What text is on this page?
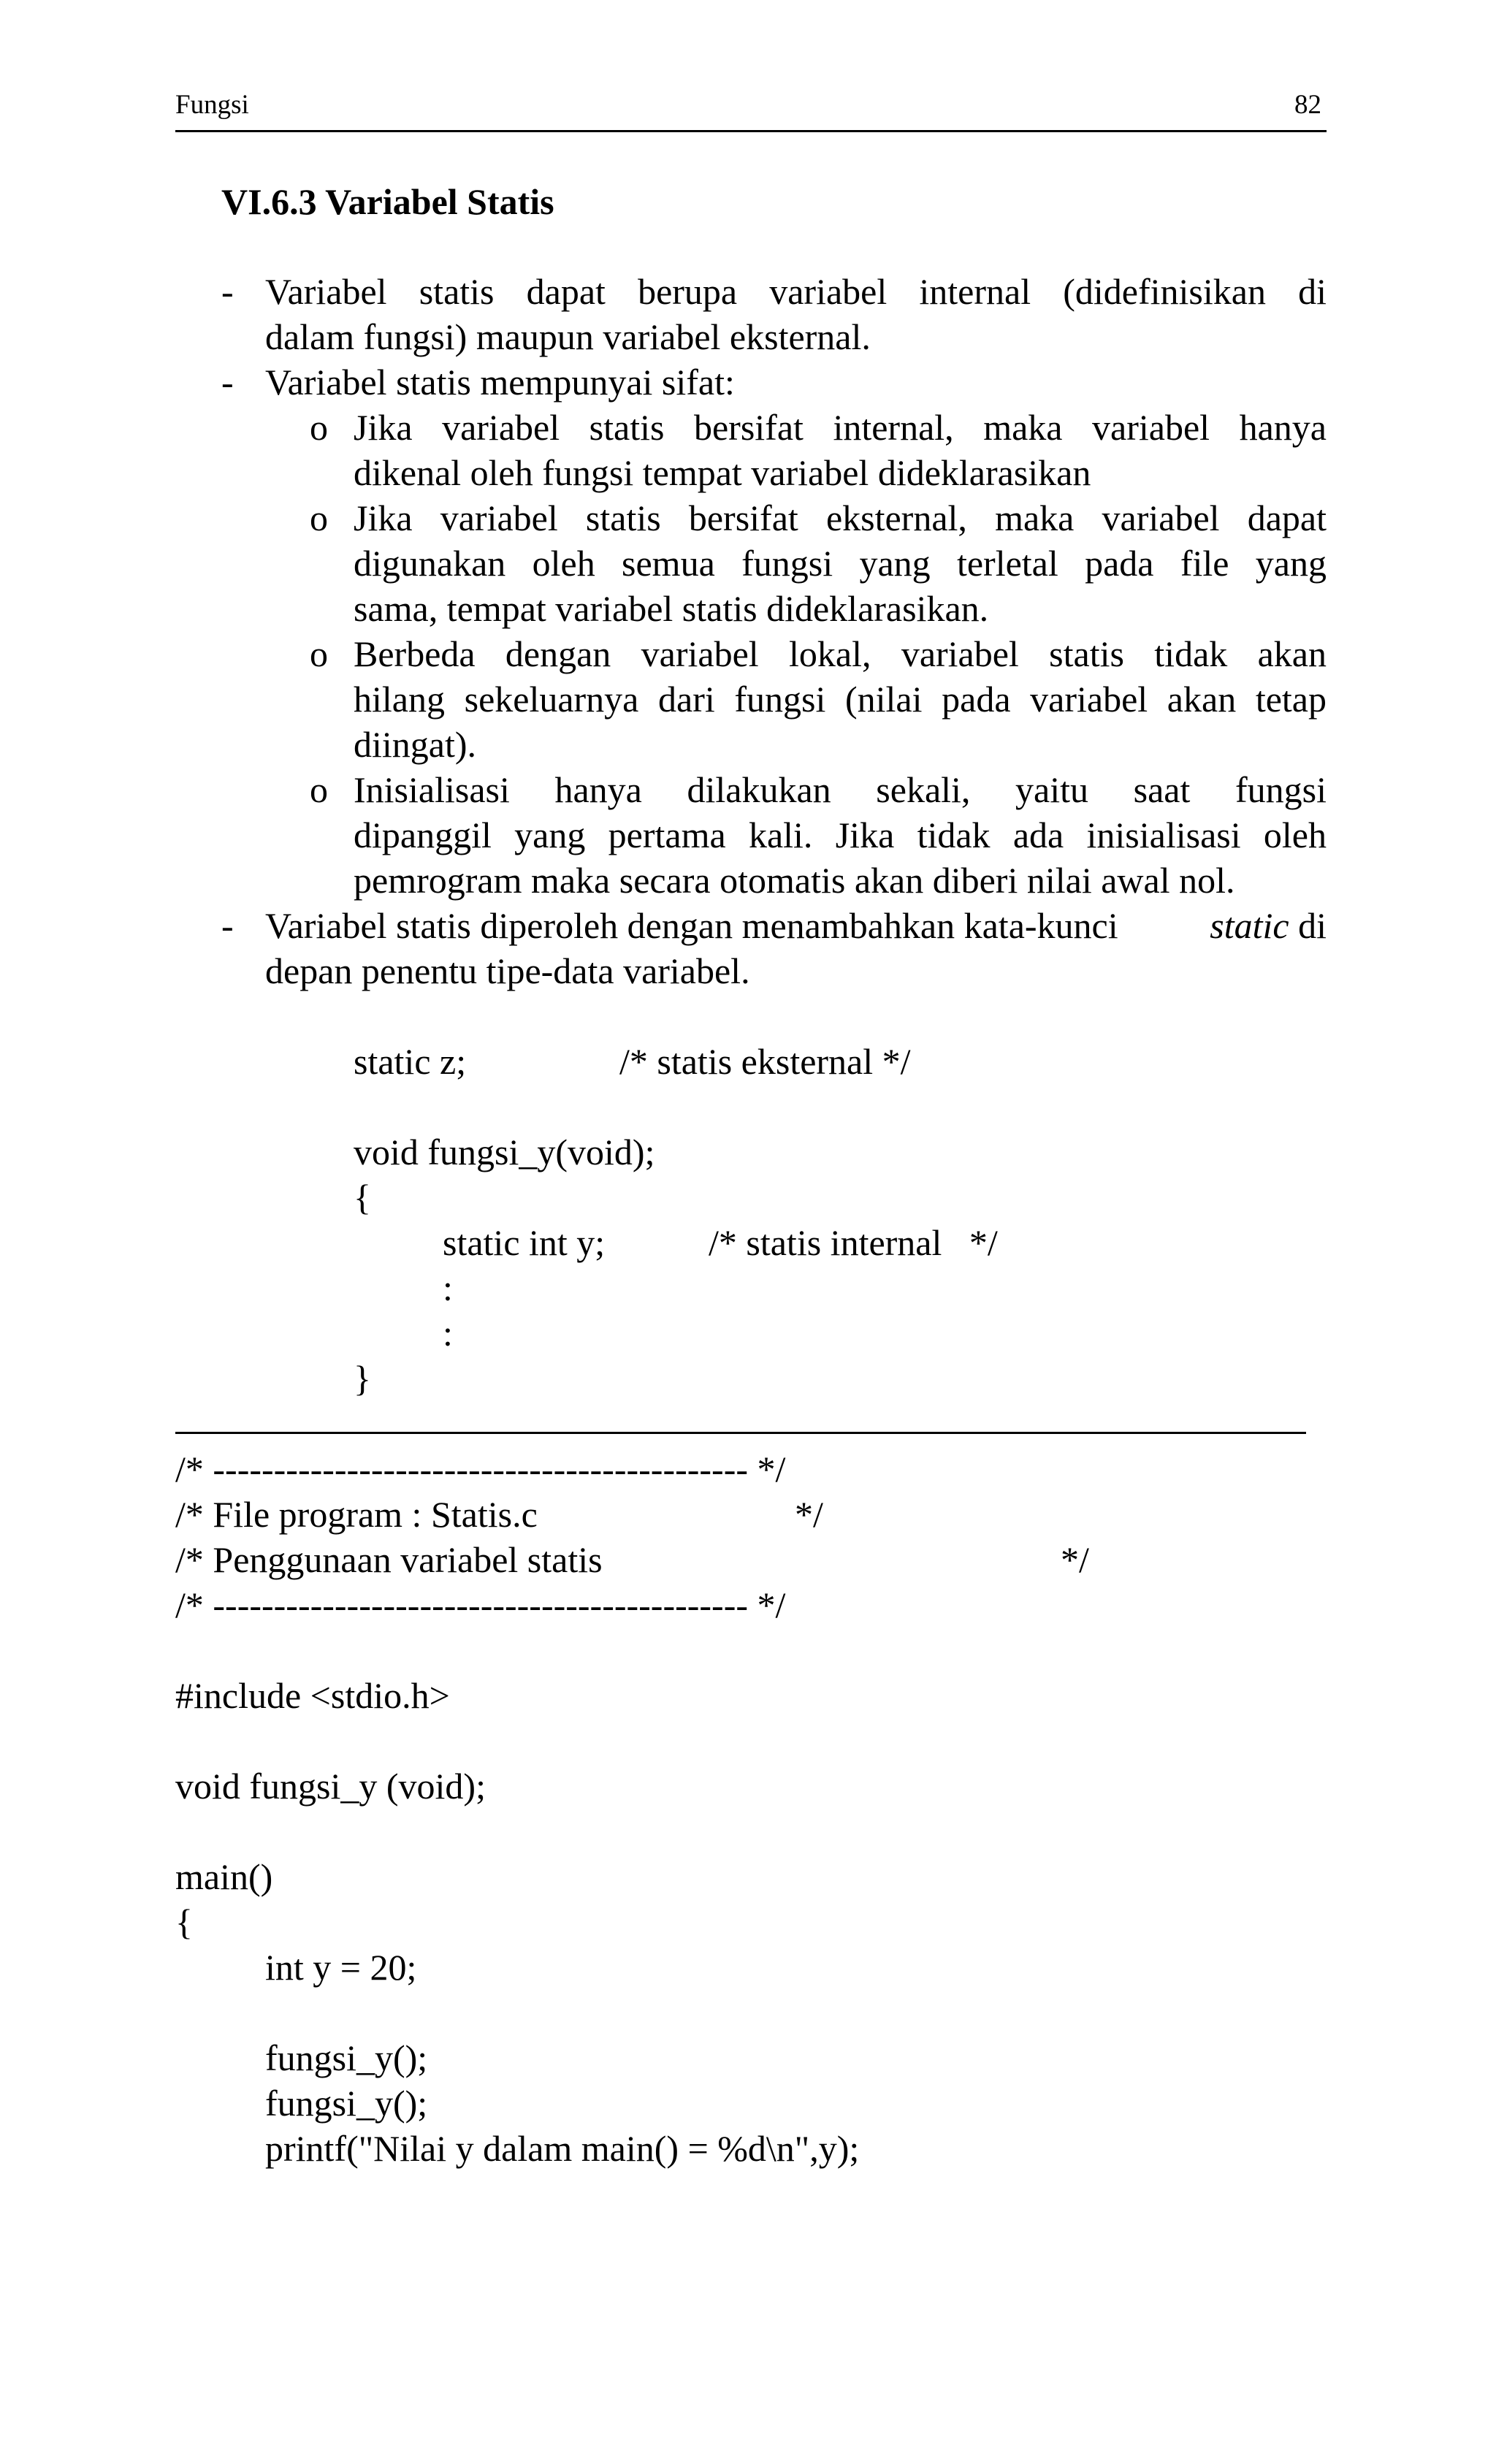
Fungsi	82
VI.6.3 Variabel Statis
- Variabel statis dapat berupa variabel internal (didefinisikan di
dalam fungsi) maupun variabel eksternal.
- Variabel statis mempunyai sifat:
o Jika variabel statis bersifat internal, maka variabel hanya
dikenal oleh fungsi tempat variabel dideklarasikan
o Jika variabel statis bersifat eksternal, maka variabel dapat
digunakan oleh semua fungsi yang terletal pada file yang
sama, tempat variabel statis dideklarasikan.
o Berbeda dengan variabel lokal, variabel statis tidak akan
hilang sekeluarnya dari fungsi (nilai pada variabel akan tetap
diingat).
o Inisialisasi hanya dilakukan sekali, yaitu saat fungsi
dipanggil yang pertama kali. Jika tidak ada inisialisasi oleh
pemrogram maka secara otomatis akan diberi nilai awal nol.
- Variabel statis diperoleh dengan menambahkan kata-kunci	static di
depan penentu tipe-data variabel.
static z;	/* statis eksternal */
void fungsi_y(void);
{
static int y;	/* statis internal   */
:
:
}
/* -------------------------------------------- */
/* File program : Statis.c	*/
/* Penggunaan variabel statis	*/
/* -------------------------------------------- */
#include <stdio.h>
void fungsi_y (void);
main()
{
int y = 20;
fungsi_y();
fungsi_y();
printf("Nilai y dalam main() = %d\n",y);
